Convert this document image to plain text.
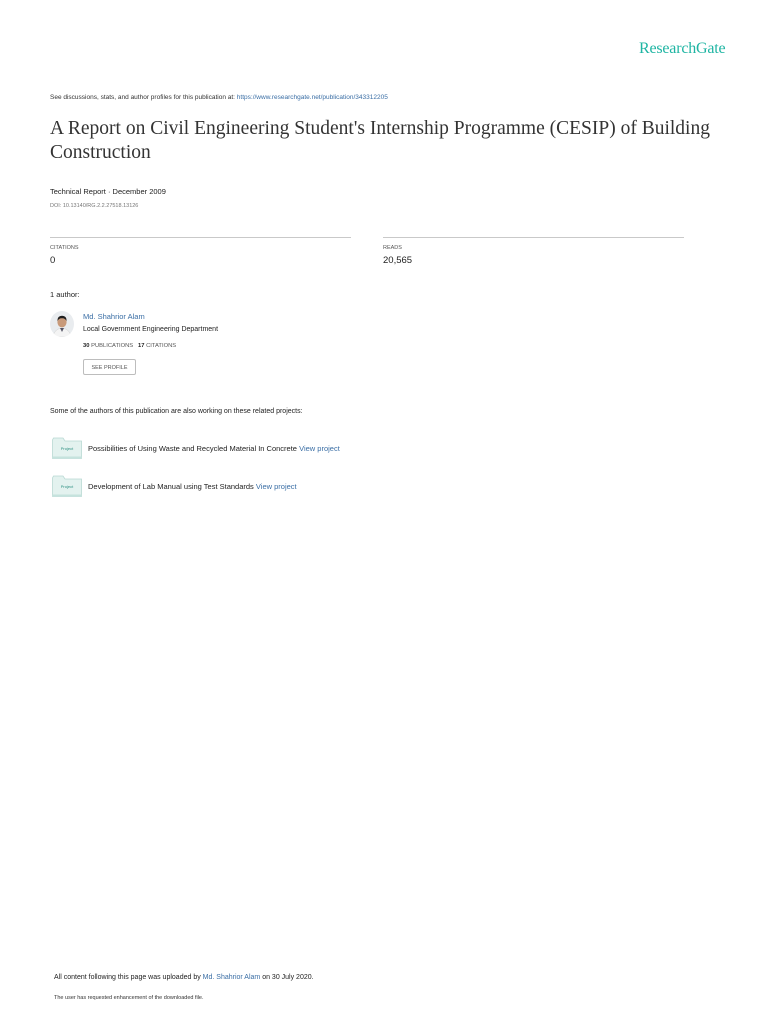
ResearchGate
See discussions, stats, and author profiles for this publication at: https://www.researchgate.net/publication/343312205
A Report on Civil Engineering Student's Internship Programme (CESIP) of Building Construction
Technical Report · December 2009
DOI: 10.13140/RG.2.2.27518.13126
CITATIONS
0
READS
20,565
1 author:
Md. Shahrior Alam
Local Government Engineering Department
30 PUBLICATIONS 17 CITATIONS
SEE PROFILE
Some of the authors of this publication are also working on these related projects:
Project	Possibilities of Using Waste and Recycled Material In Concrete View project
Project	Development of Lab Manual using Test Standards View project
All content following this page was uploaded by Md. Shahrior Alam on 30 July 2020.
The user has requested enhancement of the downloaded file.
